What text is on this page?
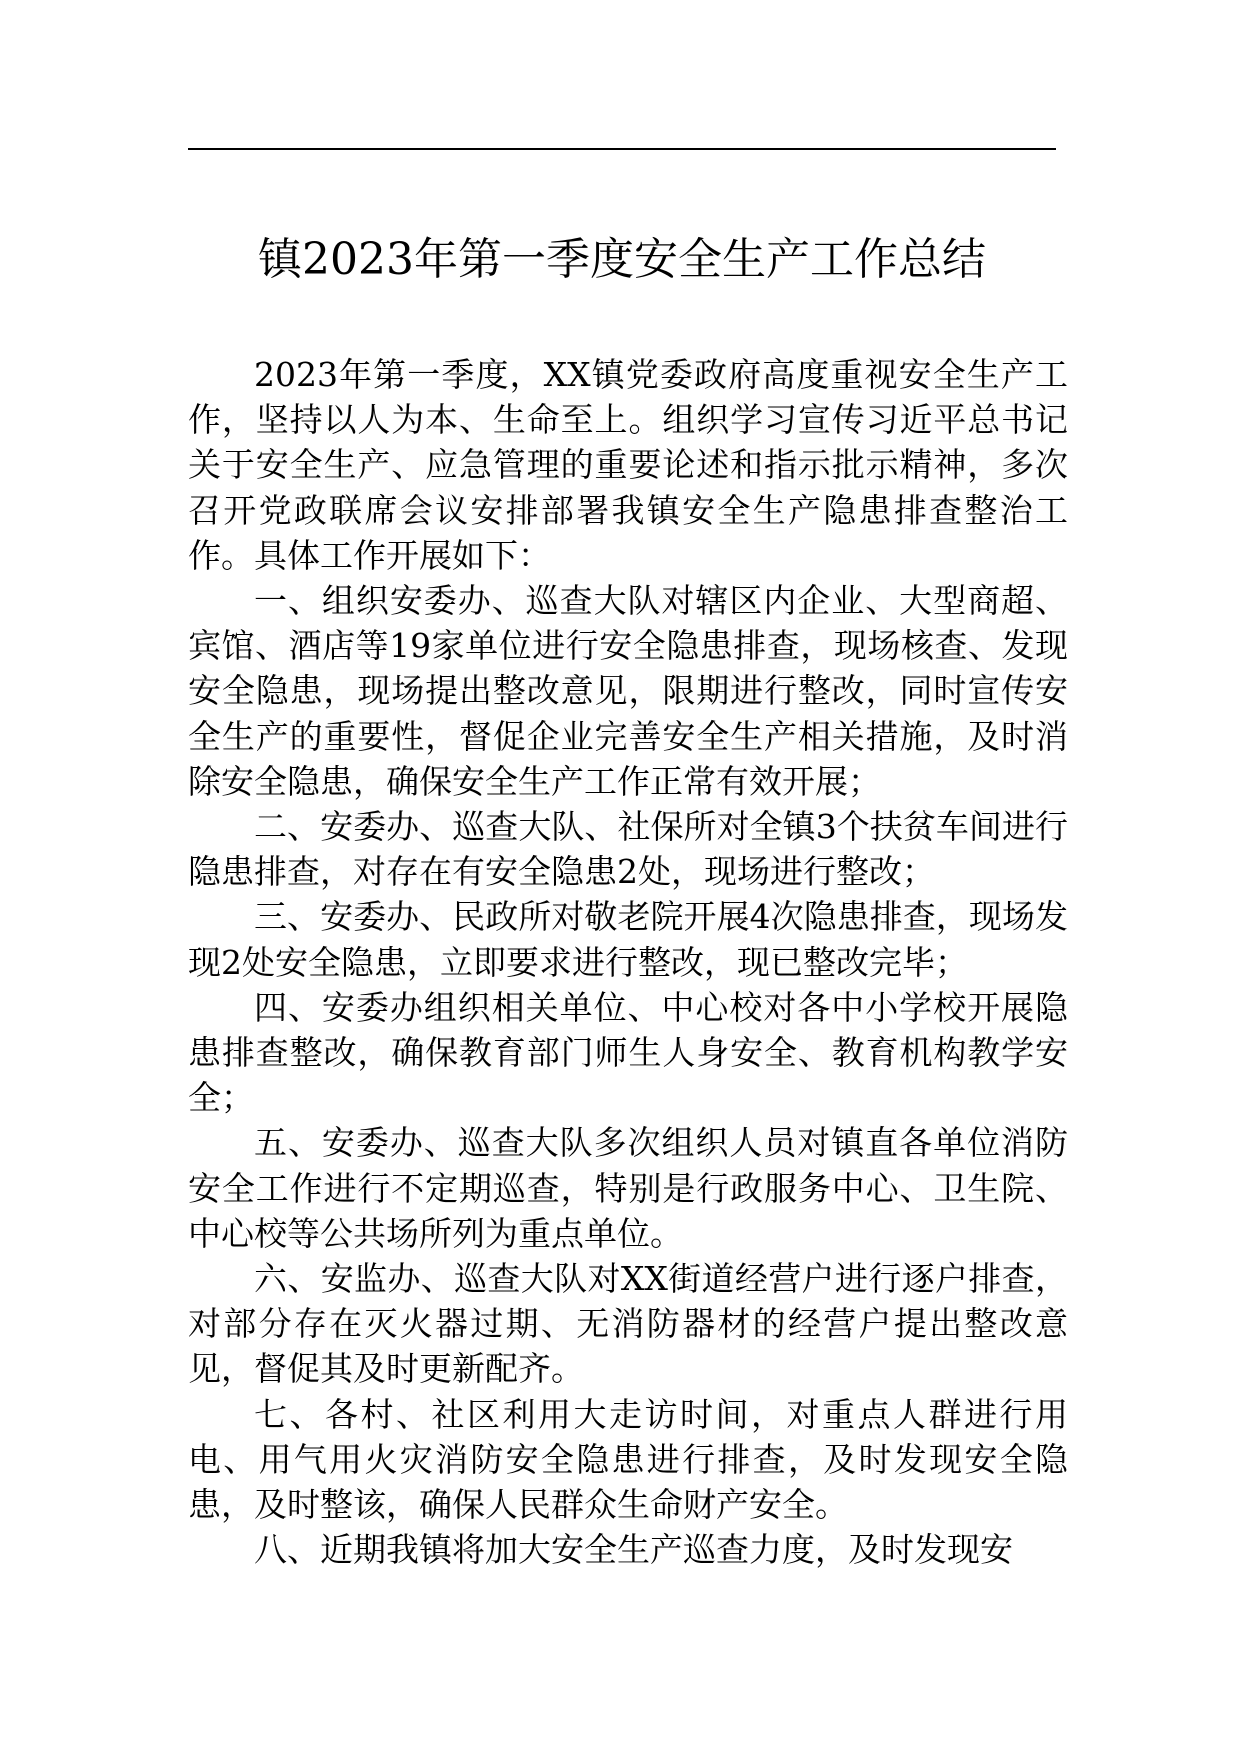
镇2023年第一季度安全生产工作总结

2023年第一季度，XX镇党委政府高度重视安全生产工作，坚持以人为本、生命至上。组织学习宣传习近平总书记关于安全生产、应急管理的重要论述和指示批示精神，多次召开党政联席会议安排部署我镇安全生产隐患排查整治工作。具体工作开展如下：

一、组织安委办、巡查大队对辖区内企业、大型商超、宾馆、酒店等19家单位进行安全隐患排查，现场核查、发现安全隐患，现场提出整改意见，限期进行整改，同时宣传安全生产的重要性，督促企业完善安全生产相关措施，及时消除安全隐患，确保安全生产工作正常有效开展；

二、安委办、巡查大队、社保所对全镇3个扶贫车间进行隐患排查，对存在有安全隐患2处，现场进行整改；

三、安委办、民政所对敬老院开展4次隐患排查，现场发现2处安全隐患，立即要求进行整改，现已整改完毕；

四、安委办组织相关单位、中心校对各中小学校开展隐患排查整改，确保教育部门师生人身安全、教育机构教学安全；

五、安委办、巡查大队多次组织人员对镇直各单位消防安全工作进行不定期巡查，特别是行政服务中心、卫生院、中心校等公共场所列为重点单位。

六、安监办、巡查大队对XX街道经营户进行逐户排查，对部分存在灭火器过期、无消防器材的经营户提出整改意见，督促其及时更新配齐。

七、各村、社区利用大走访时间，对重点人群进行用电、用气用火灾消防安全隐患进行排查，及时发现安全隐患，及时整该，确保人民群众生命财产安全。

八、近期我镇将加大安全生产巡查力度，及时发现安
